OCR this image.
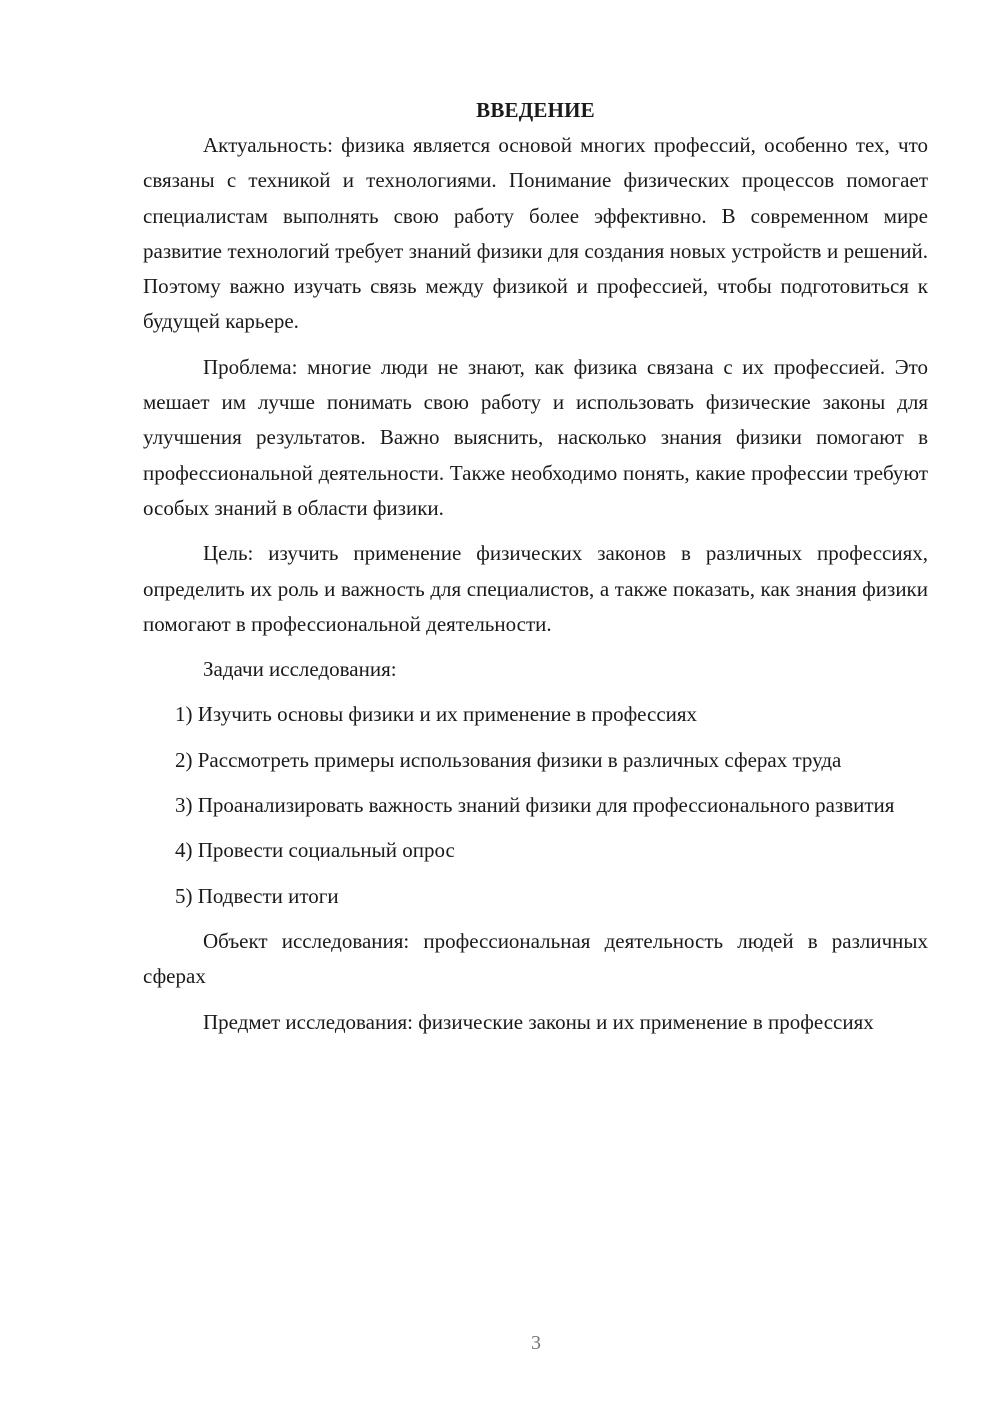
ВВЕДЕНИЕ

Актуальность: физика является основой многих профессий, особенно тех, что связаны с техникой и технологиями. Понимание физических процессов помогает специалистам выполнять свою работу более эффективно. В современном мире развитие технологий требует знаний физики для создания новых устройств и решений. Поэтому важно изучать связь между физикой и профессией, чтобы подготовиться к будущей карьере.

Проблема: многие люди не знают, как физика связана с их профессией. Это мешает им лучше понимать свою работу и использовать физические законы для улучшения результатов. Важно выяснить, насколько знания физики помогают в профессиональной деятельности. Также необходимо понять, какие профессии требуют особых знаний в области физики.

Цель: изучить применение физических законов в различных профессиях, определить их роль и важность для специалистов, а также показать, как знания физики помогают в профессиональной деятельности.

Задачи исследования:

1) Изучить основы физики и их применение в профессиях

2) Рассмотреть примеры использования физики в различных сферах труда

3) Проанализировать важность знаний физики для профессионального развития

4) Провести социальный опрос

5) Подвести итоги

Объект исследования: профессиональная деятельность людей в различных сферах

Предмет исследования: физические законы и их применение в профессиях

3
